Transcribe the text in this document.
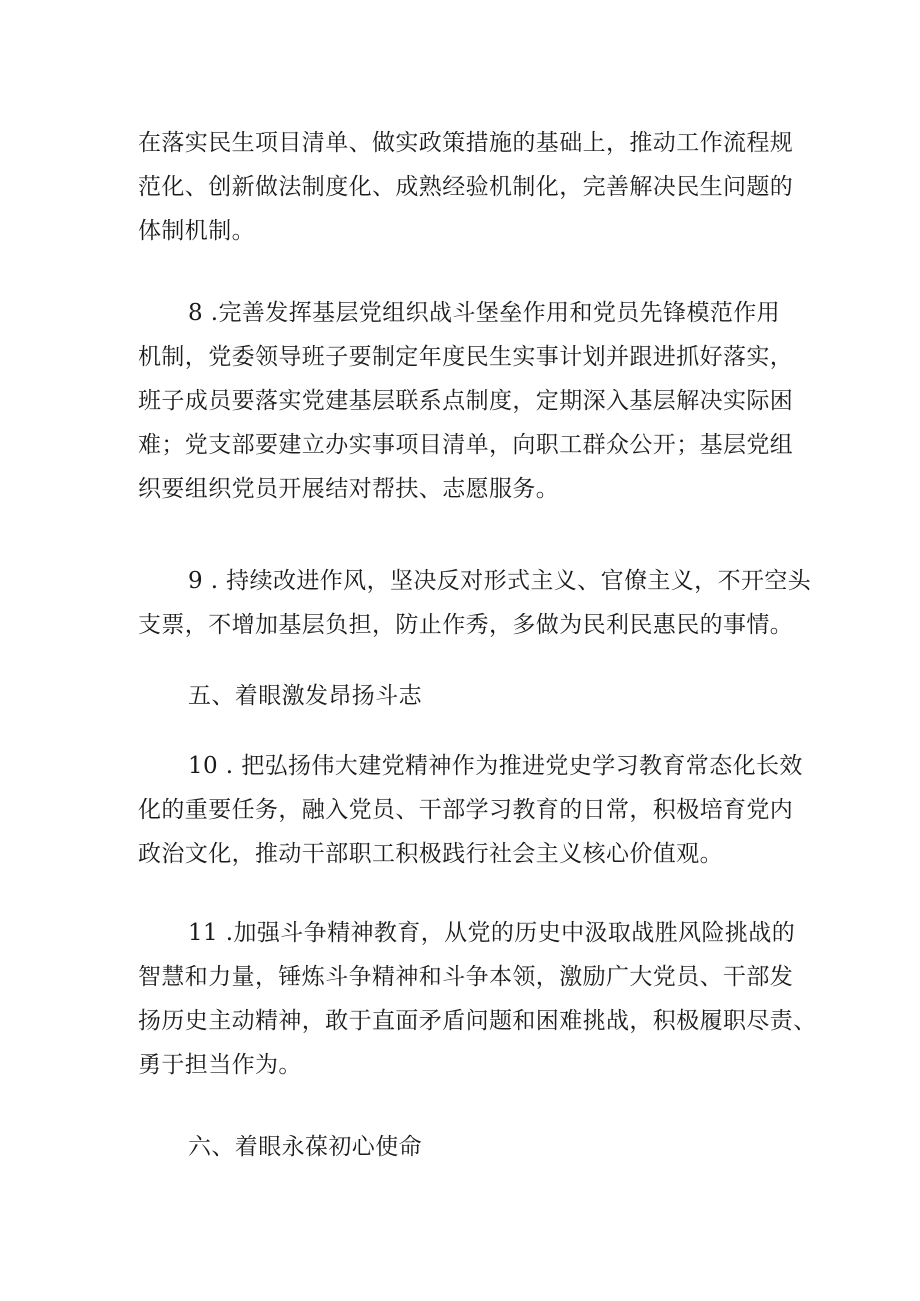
在落实民生项目清单、做实政策措施的基础上，推动工作流程规
范化、创新做法制度化、成熟经验机制化，完善解决民生问题的
体制机制。

8 .完善发挥基层党组织战斗堡垒作用和党员先锋模范作用
机制，党委领导班子要制定年度民生实事计划并跟进抓好落实，
班子成员要落实党建基层联系点制度，定期深入基层解决实际困
难；党支部要建立办实事项目清单，向职工群众公开；基层党组
织要组织党员开展结对帮扶、志愿服务。

9 . 持续改进作风，坚决反对形式主义、官僚主义，不开空头
支票，不增加基层负担，防止作秀，多做为民利民惠民的事情。

五、着眼激发昂扬斗志

10 . 把弘扬伟大建党精神作为推进党史学习教育常态化长效
化的重要任务，融入党员、干部学习教育的日常，积极培育党内
政治文化，推动干部职工积极践行社会主义核心价值观。

11 .加强斗争精神教育，从党的历史中汲取战胜风险挑战的
智慧和力量，锤炼斗争精神和斗争本领，激励广大党员、干部发
扬历史主动精神，敢于直面矛盾问题和困难挑战，积极履职尽责、
勇于担当作为。

六、着眼永葆初心使命
